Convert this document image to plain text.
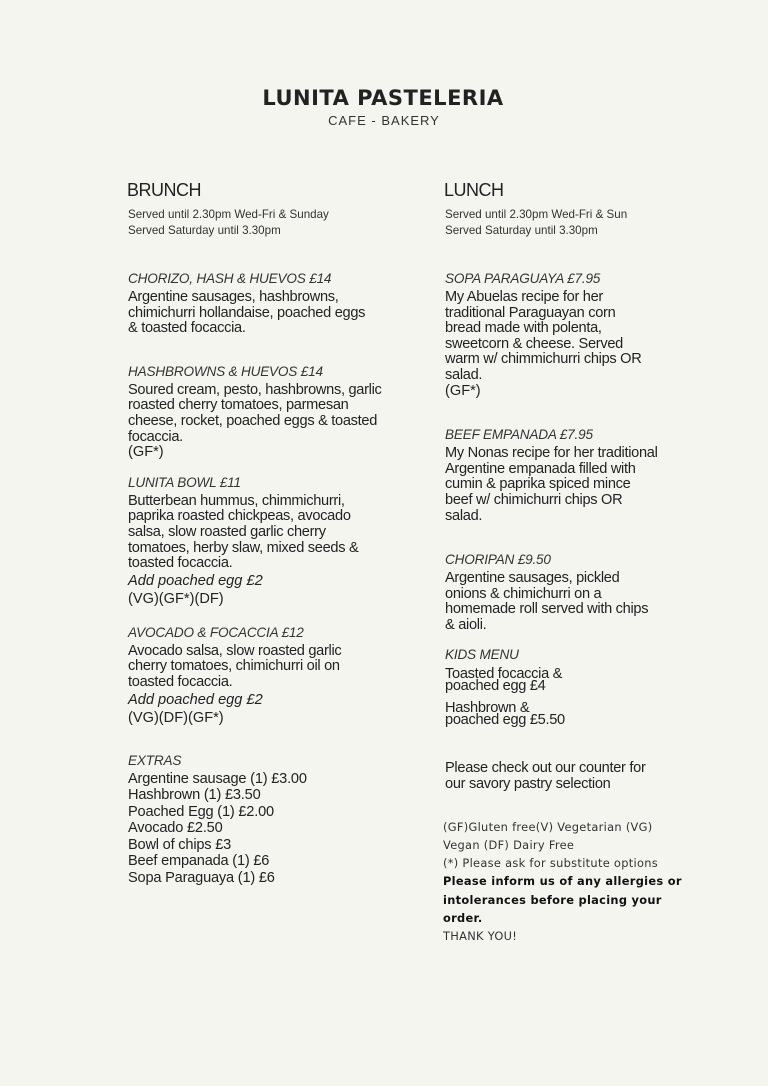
LUNITA PASTELERIA
CAFE - BAKERY
BRUNCH
Served until 2.30pm Wed-Fri & Sunday
Served Saturday until 3.30pm
CHORIZO, HASH & HUEVOS £14
Argentine sausages, hashbrowns,
chimichurri hollandaise, poached eggs
& toasted focaccia.
HASHBROWNS & HUEVOS £14
Soured cream, pesto, hashbrowns, garlic
roasted cherry tomatoes, parmesan
cheese, rocket, poached eggs & toasted
focaccia.
(GF*)
LUNITA BOWL £11
Butterbean hummus, chimmichurri,
paprika roasted chickpeas, avocado
salsa, slow roasted garlic cherry
tomatoes, herby slaw, mixed seeds &
toasted focaccia.
Add poached egg £2
(VG)(GF*)(DF)
AVOCADO & FOCACCIA £12
Avocado salsa, slow roasted garlic
cherry tomatoes, chimichurri oil on
toasted focaccia.
Add poached egg £2
(VG)(DF)(GF*)
EXTRAS
Argentine sausage (1) £3.00
Hashbrown (1) £3.50
Poached Egg (1) £2.00
Avocado £2.50
Bowl of chips £3
Beef empanada (1) £6
Sopa Paraguaya (1) £6
LUNCH
Served until 2.30pm Wed-Fri & Sun
Served Saturday until 3.30pm
SOPA PARAGUAYA £7.95
My Abuelas recipe for her
traditional Paraguayan corn
bread made with polenta,
sweetcorn & cheese. Served
warm w/ chimmichurri chips OR
salad.
(GF*)
BEEF EMPANADA £7.95
My Nonas recipe for her traditional
Argentine empanada filled with
cumin & paprika spiced mince
beef w/ chimichurri chips OR
salad.
CHORIPAN £9.50
Argentine sausages, pickled
onions & chimichurri on a
homemade roll served with chips
& aioli.
KIDS MENU
Toasted focaccia &
poached egg £4
Hashbrown &
poached egg £5.50
Please check out our counter for
our savory pastry selection
(GF)Gluten free(V) Vegetarian (VG)
Vegan (DF) Dairy Free
(*) Please ask for substitute options
Please inform us of any allergies or
intolerances before placing your
order.
THANK YOU!
